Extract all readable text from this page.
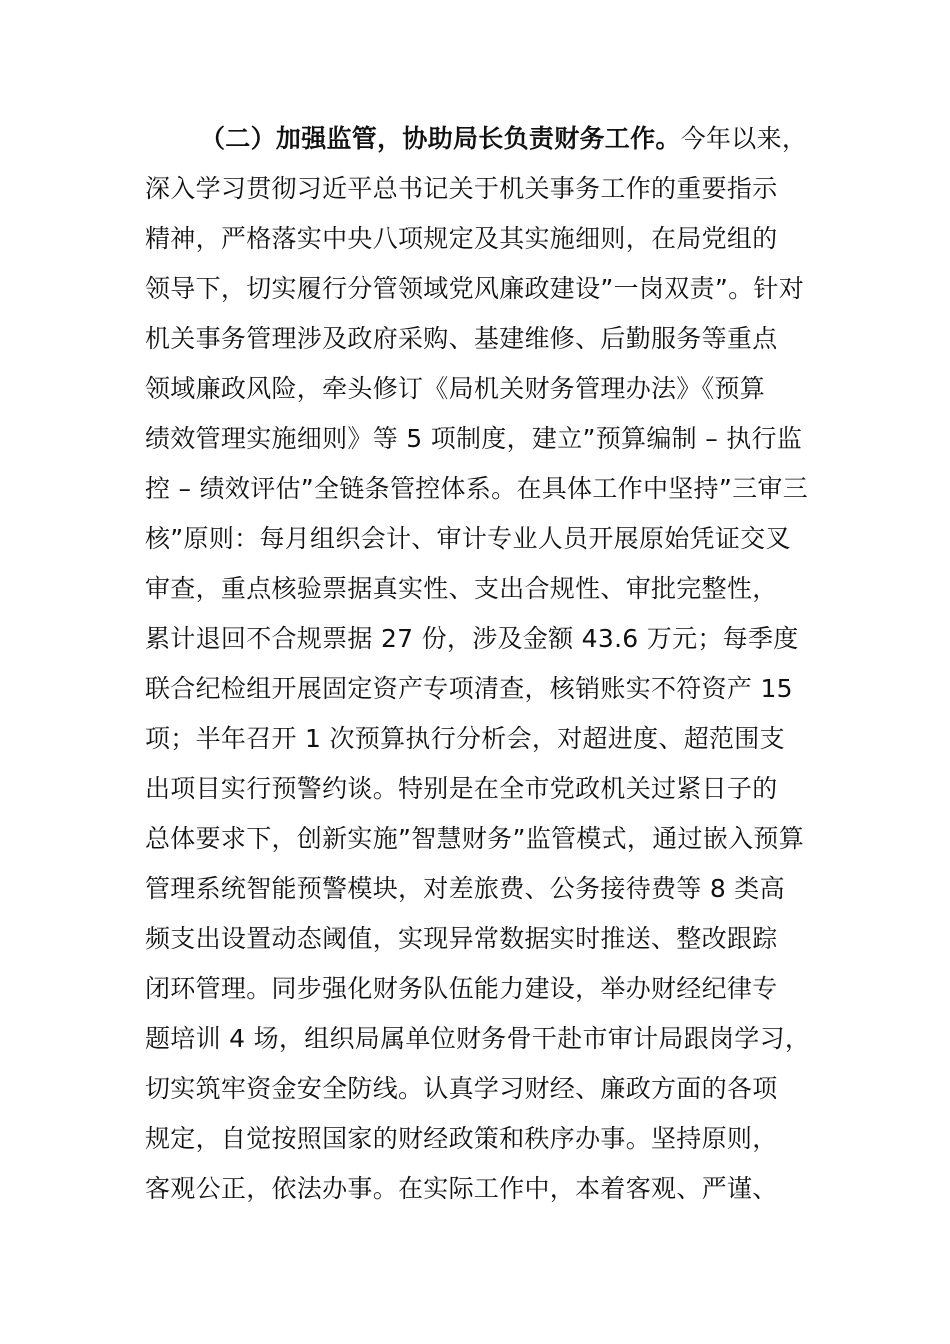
（二）加强监管，协助局长负责财务工作。今年以来，
深入学习贯彻习近平总书记关于机关事务工作的重要指示
精神，严格落实中央八项规定及其实施细则，在局党组的
领导下，切实履行分管领域党风廉政建设”一岗双责”。针对
机关事务管理涉及政府采购、基建维修、后勤服务等重点
领域廉政风险，牵头修订《局机关财务管理办法》《预算
绩效管理实施细则》等 5 项制度，建立”预算编制 – 执行监
控 – 绩效评估”全链条管控体系。在具体工作中坚持”三审三
核”原则：每月组织会计、审计专业人员开展原始凭证交叉
审查，重点核验票据真实性、支出合规性、审批完整性，
累计退回不合规票据 27 份，涉及金额 43.6 万元；每季度
联合纪检组开展固定资产专项清查，核销账实不符资产 15
项；半年召开 1 次预算执行分析会，对超进度、超范围支
出项目实行预警约谈。特别是在全市党政机关过紧日子的
总体要求下，创新实施”智慧财务”监管模式，通过嵌入预算
管理系统智能预警模块，对差旅费、公务接待费等 8 类高
频支出设置动态阈值，实现异常数据实时推送、整改跟踪
闭环管理。同步强化财务队伍能力建设，举办财经纪律专
题培训 4 场，组织局属单位财务骨干赴市审计局跟岗学习，
切实筑牢资金安全防线。认真学习财经、廉政方面的各项
规定，自觉按照国家的财经政策和秩序办事。坚持原则，
客观公正，依法办事。在实际工作中，本着客观、严谨、
